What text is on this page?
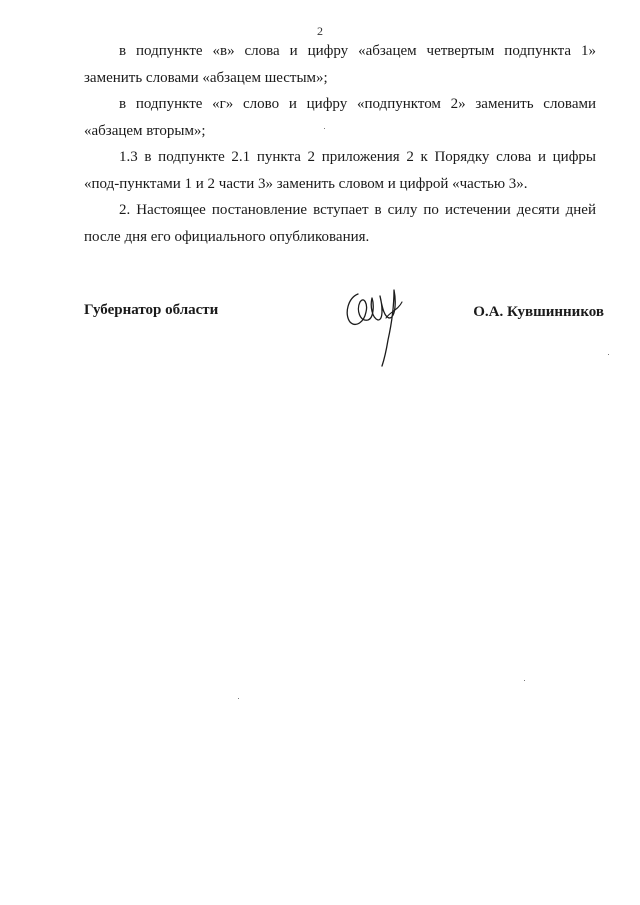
2

в подпункте «в» слова и цифру «абзацем четвертым подпункта 1» заменить словами «абзацем шестым»;

в подпункте «г» слово и цифру «подпунктом 2» заменить словами «абзацем вторым»;

1.3 в подпункте 2.1 пункта 2 приложения 2 к Порядку слова и цифры «под-пунктами 1 и 2 части 3» заменить словом и цифрой «частью 3».

2. Настоящее постановление вступает в силу по истечении десяти дней после дня его официального опубликования.

Губернатор области	О.А. Кувшинников
